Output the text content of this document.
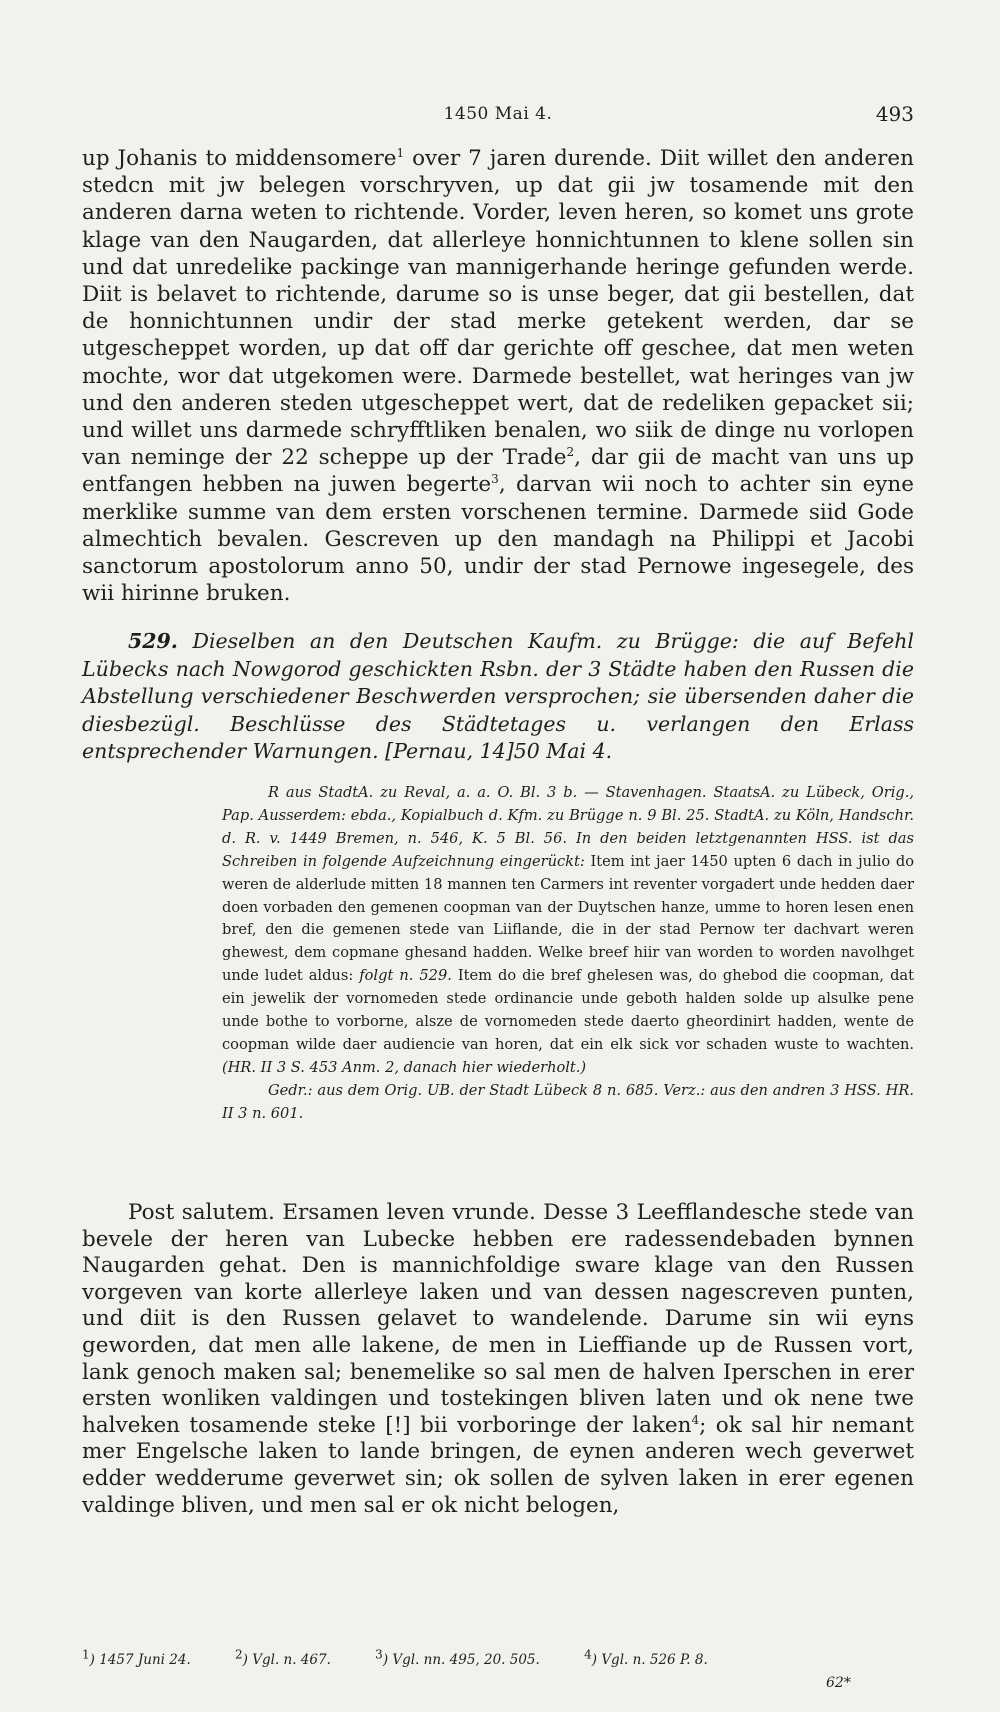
1450 Mai 4.	493

up Johanis to middensomere$^1$ over 7 jaren durende. Diit willet den anderen stedcn mit jw belegen vorschryven, up dat gii jw tosamende mit den anderen darna weten to richtende. Vorder, leven heren, so komet uns grote klage van den Naugarden, dat allerleye honnichtunnen to klene sollen sin und dat unredelike packinge van mannigerhande heringe gefunden werde. Diit is belavet to richtende, darume so is unse beger, dat gii bestellen, dat de honnichtunnen undir der stad merke getekent werden, dar se utgescheppet worden, up dat off dar gerichte off geschee, dat men weten mochte, wor dat utgekomen were. Darmede bestellet, wat heringes van jw und den anderen steden utgescheppet wert, dat de redeliken gepacket sii; und willet uns darmede schryfftliken benalen, wo siik de dinge nu vorlopen van neminge der 22 scheppe up der Trade$^2$, dar gii de macht van uns up entfangen hebben na juwen begerte$^3$, darvan wii noch to achter sin eyne merklike summe van dem ersten vorschenen termine. Darmede siid Gode almechtich bevalen. Gescreven up den mandagh na Philippi et Jacobi sanctorum apostolorum anno 50, undir der stad Pernowe ingesegele, des wii hirinne bruken.

529. Dieselben an den Deutschen Kaufm. zu Brügge: die auf Befehl Lübecks nach Nowgorod geschickten Rsbn. der 3 Städte haben den Russen die Abstellung verschiedener Beschwerden versprochen; sie übersenden daher die diesbezügl. Beschlüsse des Städtetages u. verlangen den Erlass entsprechender Warnungen. [Pernau, 14]50 Mai 4.

R aus StadtA. zu Reval, a. a. O. Bl. 3 b. — Stavenhagen. StaatsA. zu Lübeck, Orig., Pap. Ausserdem: ebda., Kopialbuch d. Kfm. zu Brügge n. 9 Bl. 25. StadtA. zu Köln, Handschr. d. R. v. 1449 Bremen, n. 546, K. 5 Bl. 56. In den beiden letztgenannten HSS. ist das Schreiben in folgende Aufzeichnung eingerückt: Item int jaer 1450 upten 6 dach in julio do weren de alderlude mitten 18 mannen ten Carmers int reventer vorgadert unde hedden daer doen vorbaden den gemenen coopman van der Duytschen hanze, umme to horen lesen enen bref, den die gemenen stede van Liiflande, die in der stad Pernow ter dachvart weren ghewest, dem copmane ghesand hadden. Welke breef hiir van worden to worden navolhget unde ludet aldus: folgt n. 529. Item do die bref ghelesen was, do ghebod die coopman, dat ein jewelik der vornomeden stede ordinancie unde geboth halden solde up alsulke pene unde bothe to vorborne, alsze de vornomeden stede daerto gheordinirt hadden, wente de coopman wilde daer audiencie van horen, dat ein elk sick vor schaden wuste to wachten. (HR. II 3 S. 453 Anm. 2, danach hier wiederholt.)

Gedr.: aus dem Orig. UB. der Stadt Lübeck 8 n. 685. Verz.: aus den andren 3 HSS. HR. II 3 n. 601.

Post salutem. Ersamen leven vrunde. Desse 3 Leefflandesche stede van bevele der heren van Lubecke hebben ere radessendebaden bynnen Naugarden gehat. Den is mannichfoldige sware klage van den Russen vorgeven van korte allerleye laken und van dessen nagescreven punten, und diit is den Russen gelavet to wandelende. Darume sin wii eyns geworden, dat men alle lakene, de men in Lieffiande up de Russen vort, lank genoch maken sal; benemelike so sal men de halven Iperschen in erer ersten wonliken valdingen und tostekingen bliven laten und ok nene twe halveken tosamende steke [!] bii vorboringe der laken$^4$; ok sal hir nemant mer Engelsche laken to lande bringen, de eynen anderen wech geverwet edder wedderume geverwet sin; ok sollen de sylven laken in erer egenen valdinge bliven, und men sal er ok nicht belogen,

$^1$) 1457 Juni 24.	$^2$) Vgl. n. 467.	$^3$) Vgl. nn. 495, 20. 505.	$^4$) Vgl. n. 526 P. 8.

62*
